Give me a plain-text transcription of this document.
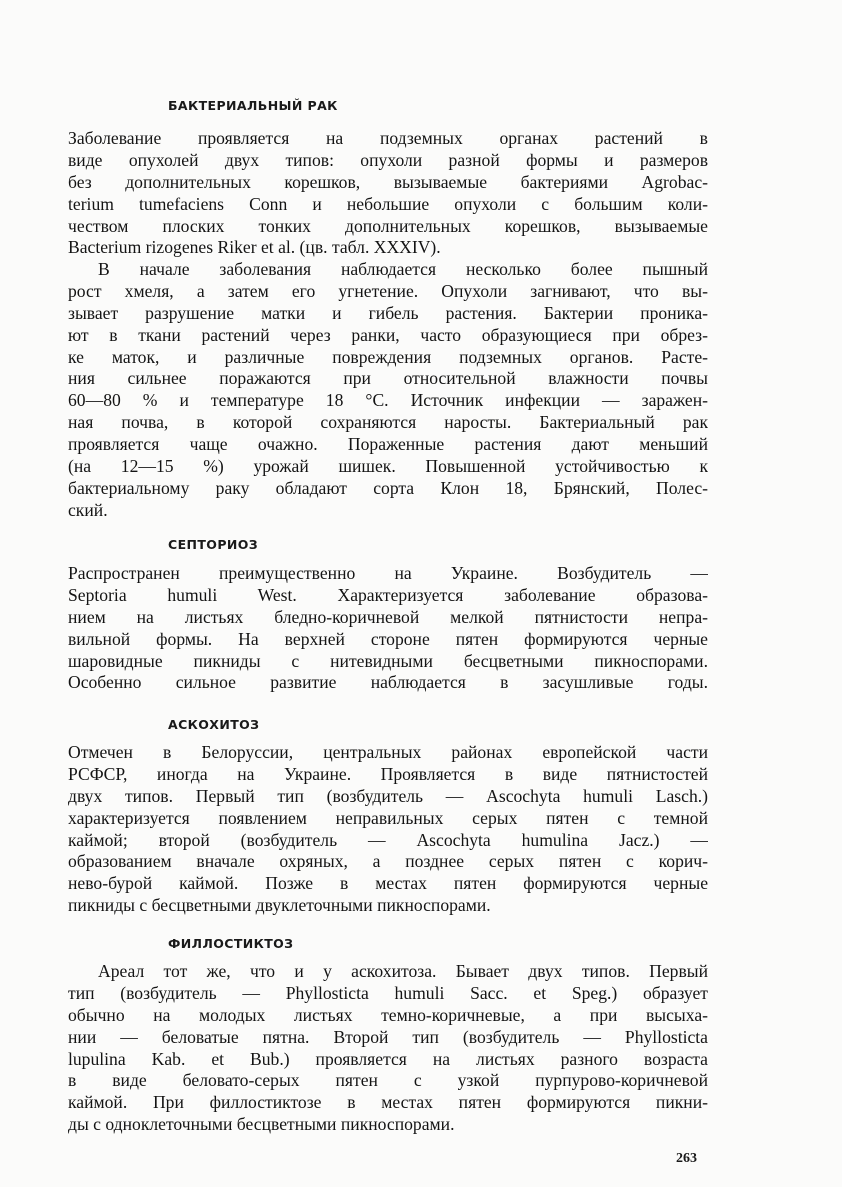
БАКТЕРИАЛЬНЫЙ РАК
Заболевание проявляется на подземных органах растений в
виде опухолей двух типов: опухоли разной формы и размеров
без дополнительных корешков, вызываемые бактериями Agrobac-
terium tumefaciens Conn и небольшие опухоли с большим коли-
чеством плоских тонких дополнительных корешков, вызываемые
Bacterium rizogenes Riker et al. (цв. табл. XXXIV).
В начале заболевания наблюдается несколько более пышный
рост хмеля, а затем его угнетение. Опухоли загнивают, что вы-
зывает разрушение матки и гибель растения. Бактерии проника-
ют в ткани растений через ранки, часто образующиеся при обрез-
ке маток, и различные повреждения подземных органов. Расте-
ния сильнее поражаются при относительной влажности почвы
60—80 % и температуре 18 °C. Источник инфекции — заражен-
ная почва, в которой сохраняются наросты. Бактериальный рак
проявляется чаще очажно. Пораженные растения дают меньший
(на 12—15 %) урожай шишек. Повышенной устойчивостью к
бактериальному раку обладают сорта Клон 18, Брянский, Полес-
ский.
СЕПТОРИОЗ
Распространен преимущественно на Украине. Возбудитель —
Septoria humuli West. Характеризуется заболевание образова-
нием на листьях бледно-коричневой мелкой пятнистости непра-
вильной формы. На верхней стороне пятен формируются черные
шаровидные пикниды с нитевидными бесцветными пикноспорами.
Особенно сильное развитие наблюдается в засушливые годы.
АСКОХИТОЗ
Отмечен в Белоруссии, центральных районах европейской части
РСФСР, иногда на Украине. Проявляется в виде пятнистостей
двух типов. Первый тип (возбудитель — Ascochyta humuli Lasch.)
характеризуется появлением неправильных серых пятен с темной
каймой; второй (возбудитель — Ascochyta humulina Jacz.) —
образованием вначале охряных, а позднее серых пятен с корич-
нево-бурой каймой. Позже в местах пятен формируются черные
пикниды с бесцветными двуклеточными пикноспорами.
ФИЛЛОСТИКТОЗ
Ареал тот же, что и у аскохитоза. Бывает двух типов. Первый
тип (возбудитель — Phyllosticta humuli Sacc. et Speg.) образует
обычно на молодых листьях темно-коричневые, а при высыха-
нии — беловатые пятна. Второй тип (возбудитель — Phyllosticta
lupulina Kab. et Bub.) проявляется на листьях разного возраста
в виде беловато-серых пятен с узкой пурпурово-коричневой
каймой. При филлостиктозе в местах пятен формируются пикни-
ды с одноклеточными бесцветными пикноспорами.
263
